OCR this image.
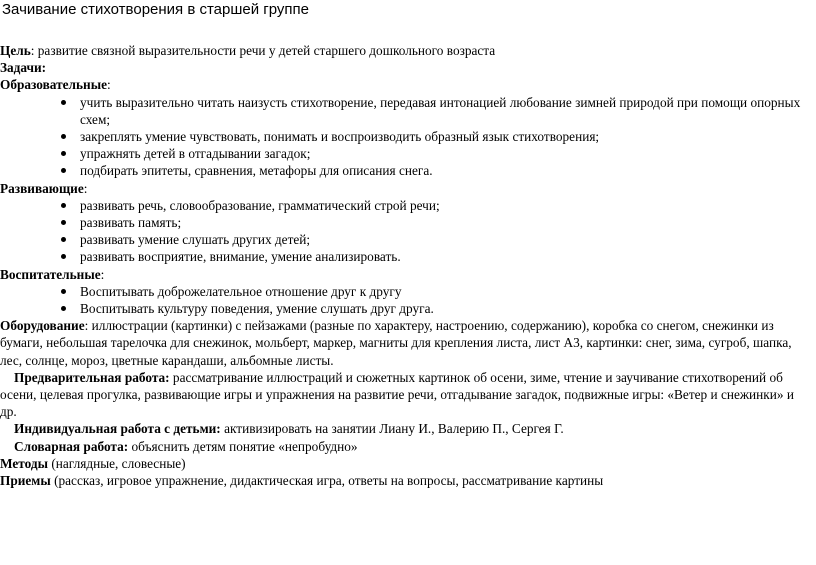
Зачивание стихотворения в старшей группе

Цель: развитие связной выразительности речи у детей старшего дошкольного возраста

Задачи:

Образовательные:

учить выразительно читать наизусть стихотворение, передавая интонацией любование зимней природой при помощи опорных схем;
закреплять умение чувствовать, понимать и воспроизводить образный язык стихотворения;
упражнять детей в отгадывании загадок;
подбирать эпитеты, сравнения, метафоры для описания снега.

Развивающие:

развивать речь, словообразование, грамматический строй речи;
развивать память;
развивать умение слушать других детей;
развивать восприятие, внимание, умение анализировать.

Воспитательные:

Воспитывать доброжелательное отношение друг к другу
Воспитывать культуру поведения, умение слушать друг друга.

Оборудование: иллюстрации (картинки) с пейзажами (разные по характеру, настроению, содержанию), коробка со снегом, снежинки из бумаги, небольшая тарелочка для снежинок, мольберт, маркер, магниты для крепления листа, лист А3, картинки: снег, зима, сугроб, шапка, лес, солнце, мороз, цветные карандаши, альбомные листы.

Предварительная работа: рассматривание иллюстраций и сюжетных картинок об осени, зиме, чтение и заучивание стихотворений об осени, целевая прогулка, развивающие игры и упражнения на развитие речи, отгадывание загадок, подвижные игры: «Ветер и снежинки» и др.

Индивидуальная работа с детьми: активизировать на занятии Лиану И., Валерию П., Сергея Г.

Словарная работа: объяснить детям понятие «непробудно»

Методы (наглядные, словесные)

Приемы (рассказ, игровое упражнение, дидактическая игра, ответы на вопросы, рассматривание картины
